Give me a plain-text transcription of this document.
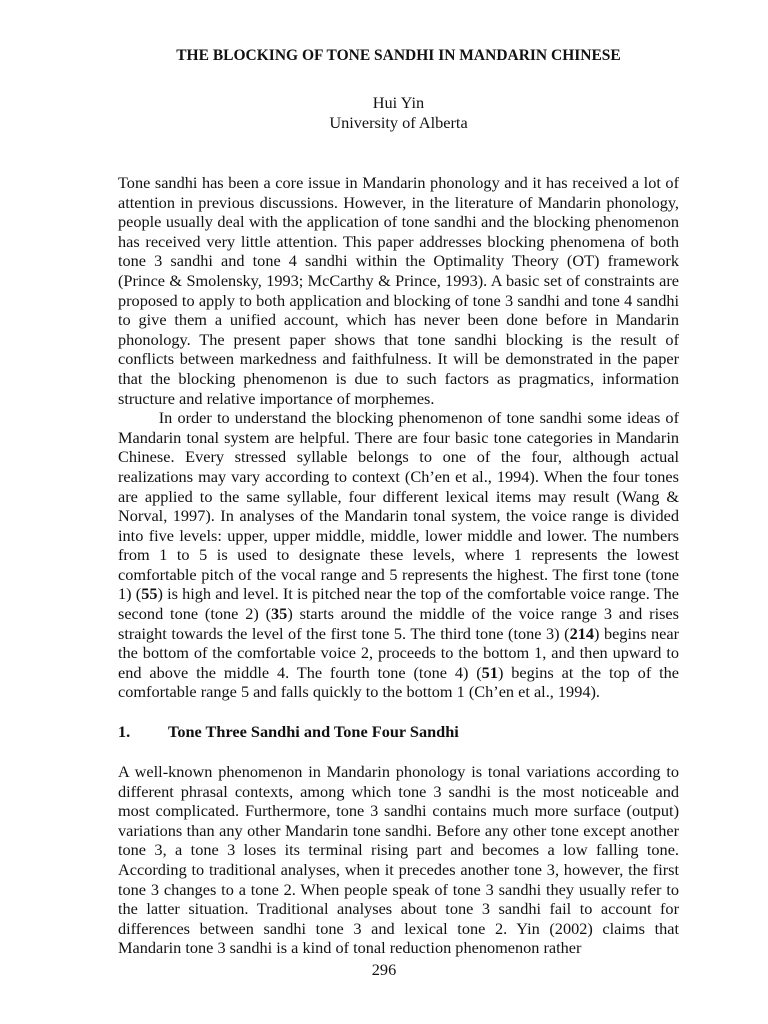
THE BLOCKING OF TONE SANDHI IN MANDARIN CHINESE
Hui Yin
University of Alberta

Tone sandhi has been a core issue in Mandarin phonology and it has received a lot of attention in previous discussions. However, in the literature of Mandarin phonology, people usually deal with the application of tone sandhi and the blocking phenomenon has received very little attention. This paper addresses blocking phenomena of both tone 3 sandhi and tone 4 sandhi within the Optimality Theory (OT) framework (Prince & Smolensky, 1993; McCarthy & Prince, 1993). A basic set of constraints are proposed to apply to both application and blocking of tone 3 sandhi and tone 4 sandhi to give them a unified account, which has never been done before in Mandarin phonology. The present paper shows that tone sandhi blocking is the result of conflicts between markedness and faithfulness. It will be demonstrated in the paper that the blocking phenomenon is due to such factors as pragmatics, information structure and relative importance of morphemes.

In order to understand the blocking phenomenon of tone sandhi some ideas of Mandarin tonal system are helpful. There are four basic tone categories in Mandarin Chinese. Every stressed syllable belongs to one of the four, although actual realizations may vary according to context (Ch’en et al., 1994). When the four tones are applied to the same syllable, four different lexical items may result (Wang & Norval, 1997). In analyses of the Mandarin tonal system, the voice range is divided into five levels: upper, upper middle, middle, lower middle and lower. The numbers from 1 to 5 is used to designate these levels, where 1 represents the lowest comfortable pitch of the vocal range and 5 represents the highest. The first tone (tone 1) (55) is high and level. It is pitched near the top of the comfortable voice range. The second tone (tone 2) (35) starts around the middle of the voice range 3 and rises straight towards the level of the first tone 5. The third tone (tone 3) (214) begins near the bottom of the comfortable voice 2, proceeds to the bottom 1, and then upward to end above the middle 4. The fourth tone (tone 4) (51) begins at the top of the comfortable range 5 and falls quickly to the bottom 1 (Ch’en et al., 1994).

1.	Tone Three Sandhi and Tone Four Sandhi

A well-known phenomenon in Mandarin phonology is tonal variations according to different phrasal contexts, among which tone 3 sandhi is the most noticeable and most complicated. Furthermore, tone 3 sandhi contains much more surface (output) variations than any other Mandarin tone sandhi. Before any other tone except another tone 3, a tone 3 loses its terminal rising part and becomes a low falling tone. According to traditional analyses, when it precedes another tone 3, however, the first tone 3 changes to a tone 2. When people speak of tone 3 sandhi they usually refer to the latter situation. Traditional analyses about tone 3 sandhi fail to account for differences between sandhi tone 3 and lexical tone 2. Yin (2002) claims that Mandarin tone 3 sandhi is a kind of tonal reduction phenomenon rather

296
